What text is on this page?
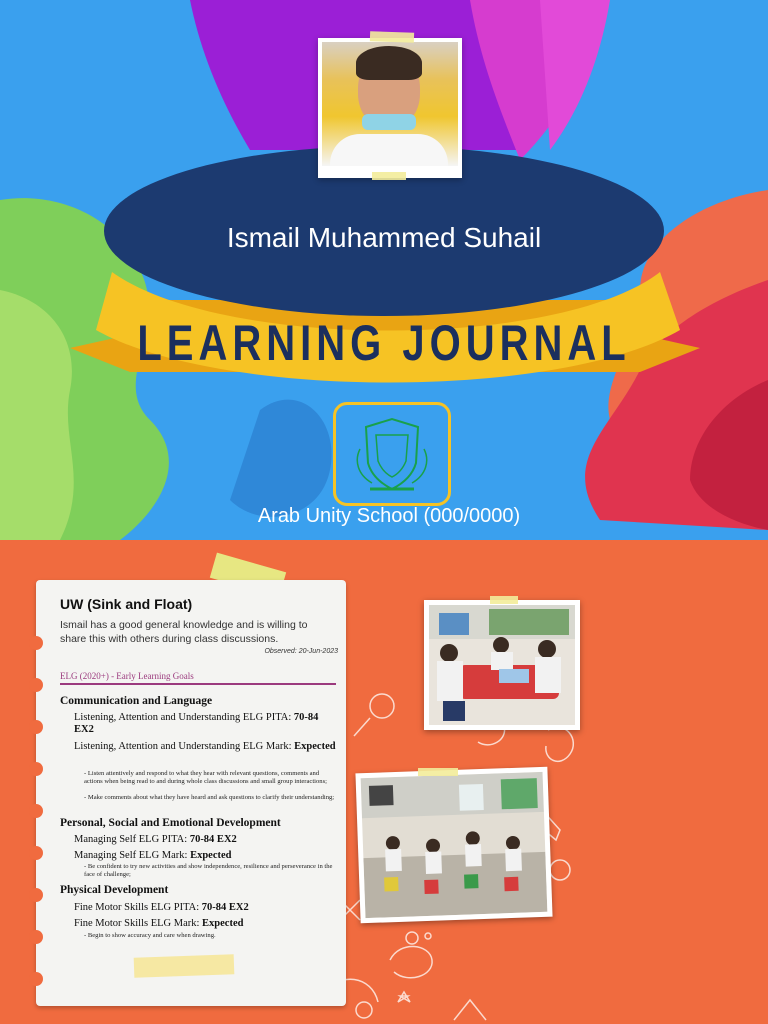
Ismail Muhammed Suhail
LEARNING JOURNAL
Arab Unity School (000/0000)
UW (Sink and Float)
Ismail has a good general knowledge and is willing to share this with others during class discussions.
Observed: 20-Jun-2023
ELG (2020+) - Early Learning Goals
Communication and Language
Listening, Attention and Understanding ELG PITA: 70-84 EX2
Listening, Attention and Understanding ELG Mark: Expected
- Listen attentively and respond to what they hear with relevant questions, comments and actions when being read to and during whole class discussions and small group interactions;
- Make comments about what they have heard and ask questions to clarify their understanding;
Personal, Social and Emotional Development
Managing Self ELG PITA: 70-84 EX2
Managing Self ELG Mark: Expected
- Be confident to try new activities and show independence, resilience and perseverance in the face of challenge;
Physical Development
Fine Motor Skills ELG PITA: 70-84 EX2
Fine Motor Skills ELG Mark: Expected
- Begin to show accuracy and care when drawing.
